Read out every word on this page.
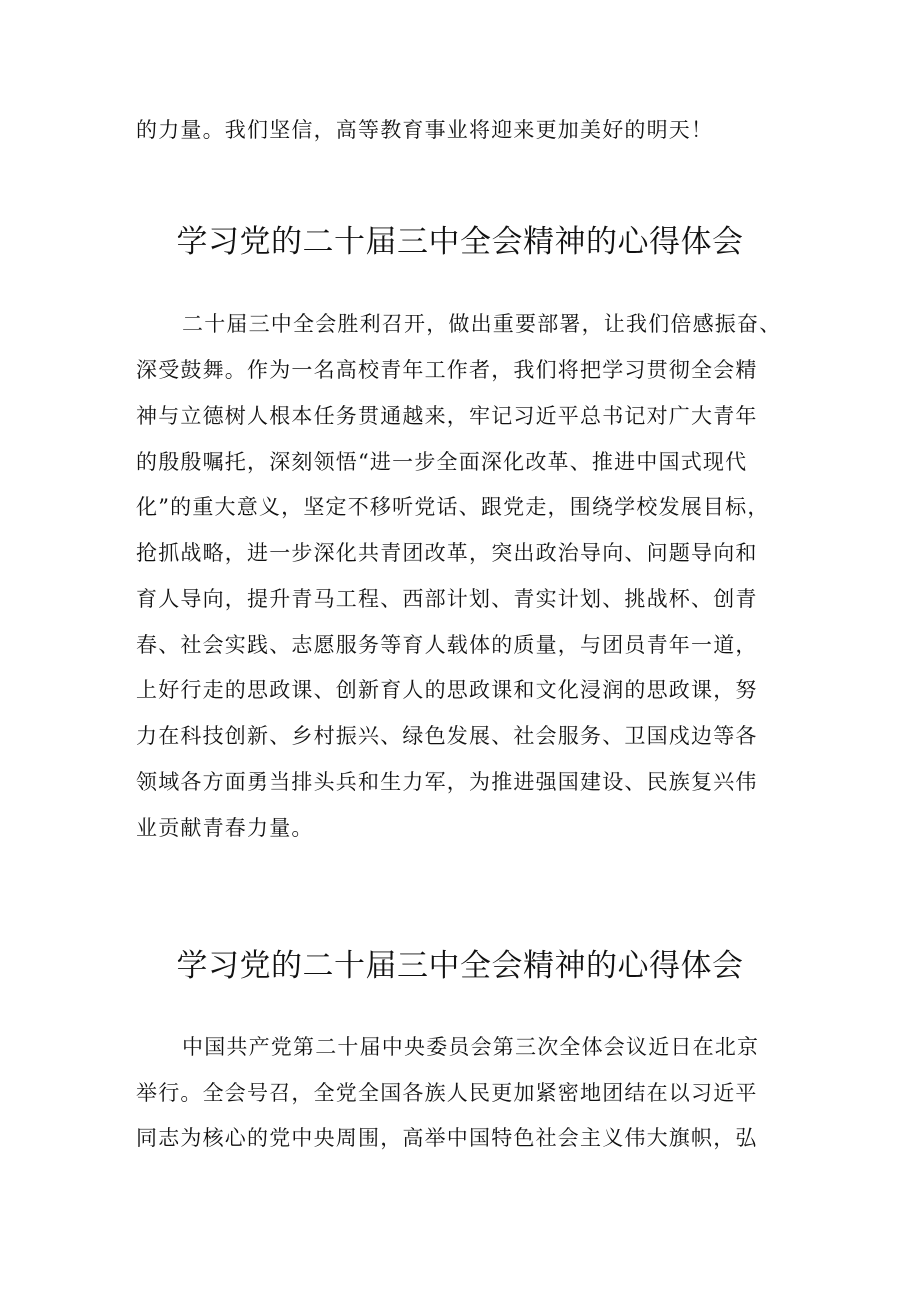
的力量。我们坚信，高等教育事业将迎来更加美好的明天！
学习党的二十届三中全会精神的心得体会
二十届三中全会胜利召开，做出重要部署，让我们倍感振奋、
深受鼓舞。作为一名高校青年工作者，我们将把学习贯彻全会精
神与立德树人根本任务贯通越来，牢记习近平总书记对广大青年
的殷殷嘱托，深刻领悟“进一步全面深化改革、推进中国式现代
化”的重大意义，坚定不移听党话、跟党走，围绕学校发展目标，
抢抓战略，进一步深化共青团改革，突出政治导向、问题导向和
育人导向，提升青马工程、西部计划、青实计划、挑战杯、创青
春、社会实践、志愿服务等育人载体的质量，与团员青年一道，
上好行走的思政课、创新育人的思政课和文化浸润的思政课，努
力在科技创新、乡村振兴、绿色发展、社会服务、卫国戍边等各
领域各方面勇当排头兵和生力军，为推进强国建设、民族复兴伟
业贡献青春力量。
学习党的二十届三中全会精神的心得体会
中国共产党第二十届中央委员会第三次全体会议近日在北京
举行。全会号召，全党全国各族人民更加紧密地团结在以习近平
同志为核心的党中央周围，高举中国特色社会主义伟大旗帜，弘
